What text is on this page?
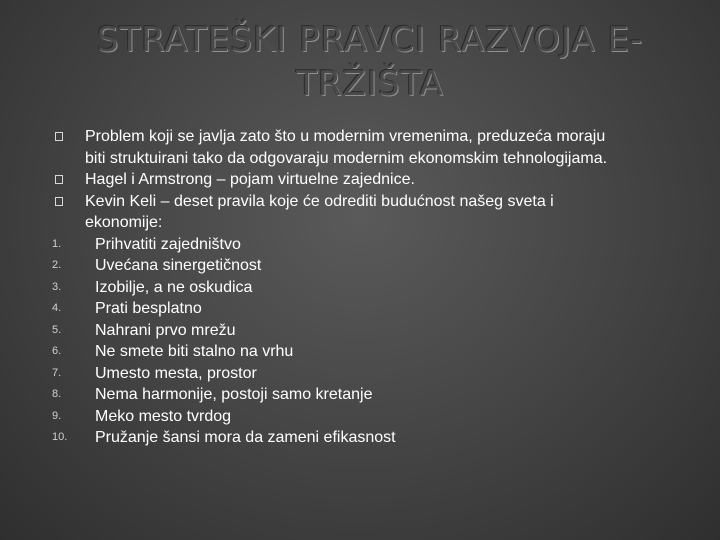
STRATEŠKI PRAVCI RAZVOJA E-
TRŽIŠTA
Problem koji se javlja zato što u modernim vremenima, preduzeća moraju
biti struktuirani tako da odgovaraju modernim ekonomskim tehnologijama.
Hagel i Armstrong – pojam virtuelne zajednice.
Kevin Keli – deset pravila koje će odrediti budućnost našeg sveta i
ekonomije:
1.	Prihvatiti zajedništvo
2.	Uvećana sinergetičnost
3.	Izobilje, a ne oskudica
4.	Prati besplatno
5.	Nahrani prvo mrežu
6.	Ne smete biti stalno na vrhu
7.	Umesto mesta, prostor
8.	Nema harmonije, postoji samo kretanje
9.	Meko mesto tvrdog
10. Pružanje šansi mora da zameni efikasnost
